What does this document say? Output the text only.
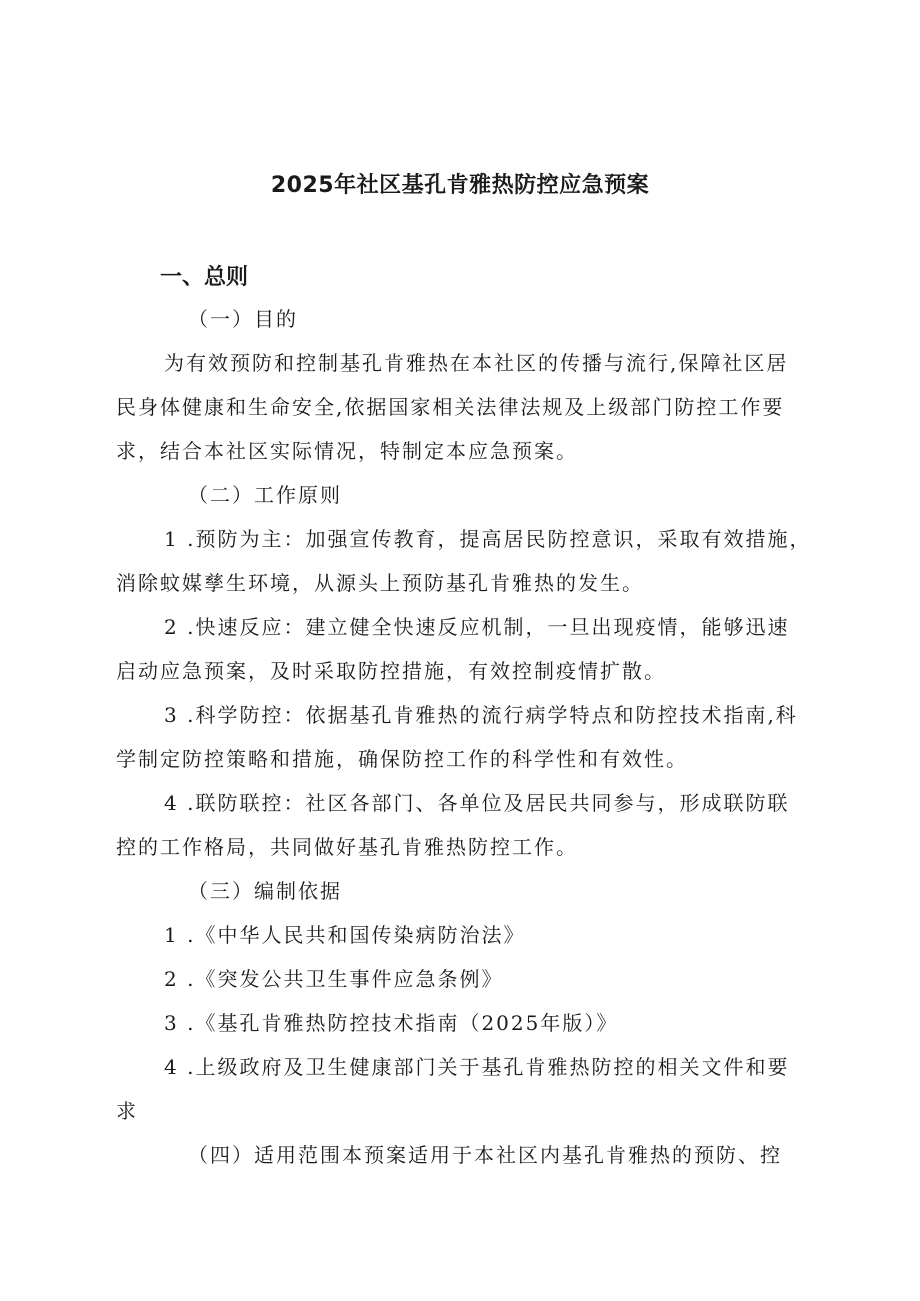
2025年社区基孔肯雅热防控应急预案
一、总则

（一）目的

为有效预防和控制基孔肯雅热在本社区的传播与流行,保障社区居

民身体健康和生命安全,依据国家相关法律法规及上级部门防控工作要

求，结合本社区实际情况，特制定本应急预案。

（二）工作原则

1 .预防为主：加强宣传教育，提高居民防控意识，采取有效措施，

消除蚊媒孳生环境，从源头上预防基孔肯雅热的发生。

2 .快速反应：建立健全快速反应机制，一旦出现疫情，能够迅速

启动应急预案，及时采取防控措施，有效控制疫情扩散。

3 .科学防控：依据基孔肯雅热的流行病学特点和防控技术指南,科

学制定防控策略和措施，确保防控工作的科学性和有效性。

4 .联防联控：社区各部门、各单位及居民共同参与，形成联防联

控的工作格局，共同做好基孔肯雅热防控工作。

（三）编制依据

1 .《中华人民共和国传染病防治法》

2 .《突发公共卫生事件应急条例》

3 .《基孔肯雅热防控技术指南（2025年版）》

4 .上级政府及卫生健康部门关于基孔肯雅热防控的相关文件和要

求

（四）适用范围本预案适用于本社区内基孔肯雅热的预防、控
